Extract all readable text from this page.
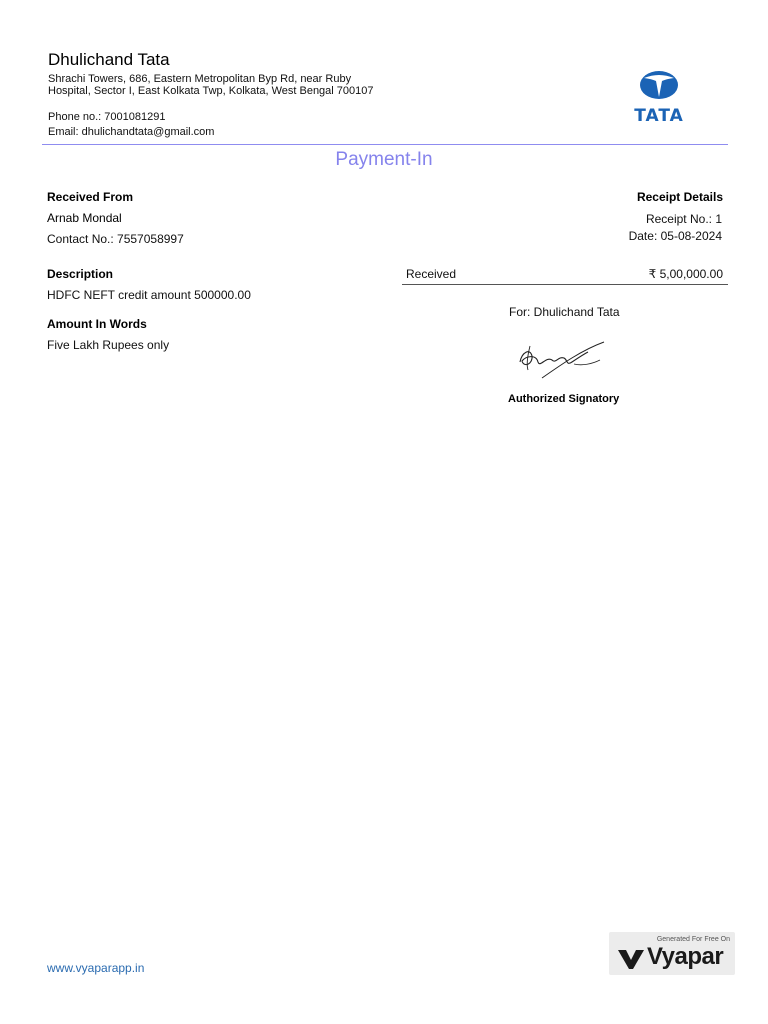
Dhulichand Tata
Shrachi Towers, 686, Eastern Metropolitan Byp Rd, near Ruby Hospital, Sector I, East Kolkata Twp, Kolkata, West Bengal 700107
Phone no.: 7001081291
Email: dhulichandtata@gmail.com
TATA
Payment-In
Received From
Arnab Mondal
Contact No.: 7557058997
Receipt Details
Receipt No.: 1
Date: 05-08-2024
Description
HDFC NEFT credit amount 500000.00
Received	₹ 5,00,000.00
Amount In Words
Five Lakh Rupees only
For: Dhulichand Tata
Authorized Signatory
www.vyaparapp.in
Generated For Free On
Vyapar
